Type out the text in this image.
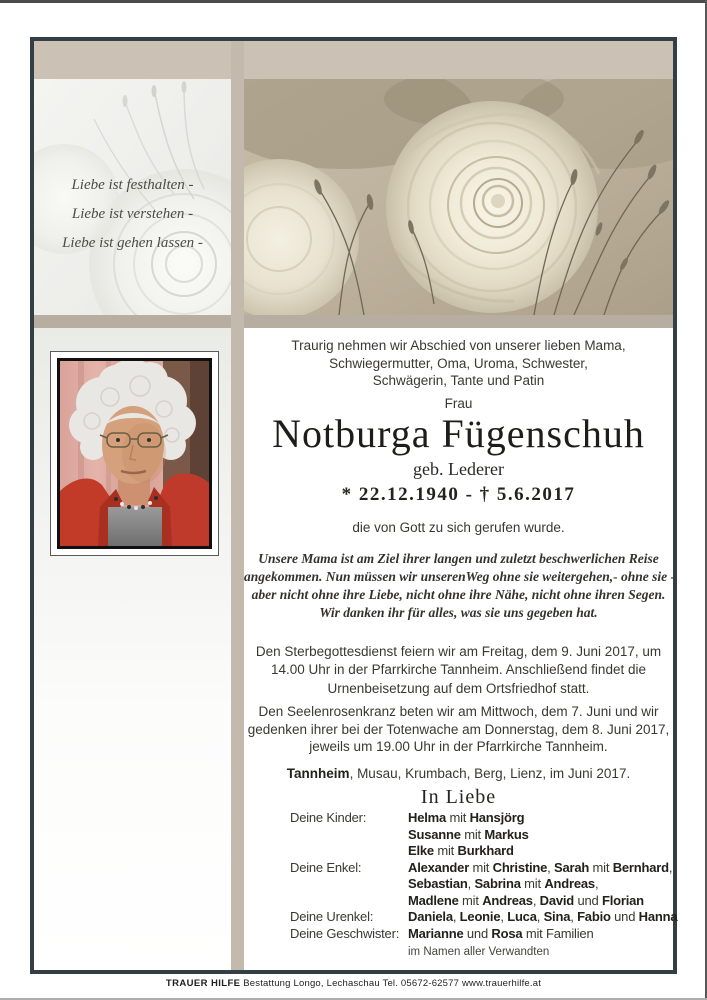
Liebe ist festhalten -
Liebe ist verstehen -
Liebe ist gehen lassen -
Traurig nehmen wir Abschied von unserer lieben Mama,
Schwiegermutter, Oma, Uroma, Schwester,
Schwägerin, Tante und Patin
Frau
Notburga Fügenschuh
geb. Lederer
* 22.12.1940 - † 5.6.2017
die von Gott zu sich gerufen wurde.
Unsere Mama ist am Ziel ihrer langen und zuletzt beschwerlichen Reise
angekommen. Nun müssen wir unserenWeg ohne sie weitergehen,- ohne sie -
aber nicht ohne ihre Liebe, nicht ohne ihre Nähe, nicht ohne ihren Segen.
Wir danken ihr für alles, was sie uns gegeben hat.
Den Sterbegottesdienst feiern wir am Freitag, dem 9. Juni 2017, um
14.00 Uhr in der Pfarrkirche Tannheim. Anschließend findet die
Urnenbeisetzung auf dem Ortsfriedhof statt.
Den Seelenrosenkranz beten wir am Mittwoch, dem 7. Juni und wir
gedenken ihrer bei der Totenwache am Donnerstag, dem 8. Juni 2017,
jeweils um 19.00 Uhr in der Pfarrkirche Tannheim.
Tannheim, Musau, Krumbach, Berg, Lienz, im Juni 2017.
In Liebe
Deine Kinder:	Helma mit Hansjörg
Susanne mit Markus
Elke mit Burkhard
Deine Enkel:	Alexander mit Christine, Sarah mit Bernhard,
Sebastian, Sabrina mit Andreas,
Madlene mit Andreas, David und Florian
Deine Urenkel:	Daniela, Leonie, Luca, Sina, Fabio und Hanna
Deine Geschwister: Marianne und Rosa mit Familien
im Namen aller Verwandten
TRAUER HILFE Bestattung Longo, Lechaschau Tel. 05672-62577 www.trauerhilfe.at
